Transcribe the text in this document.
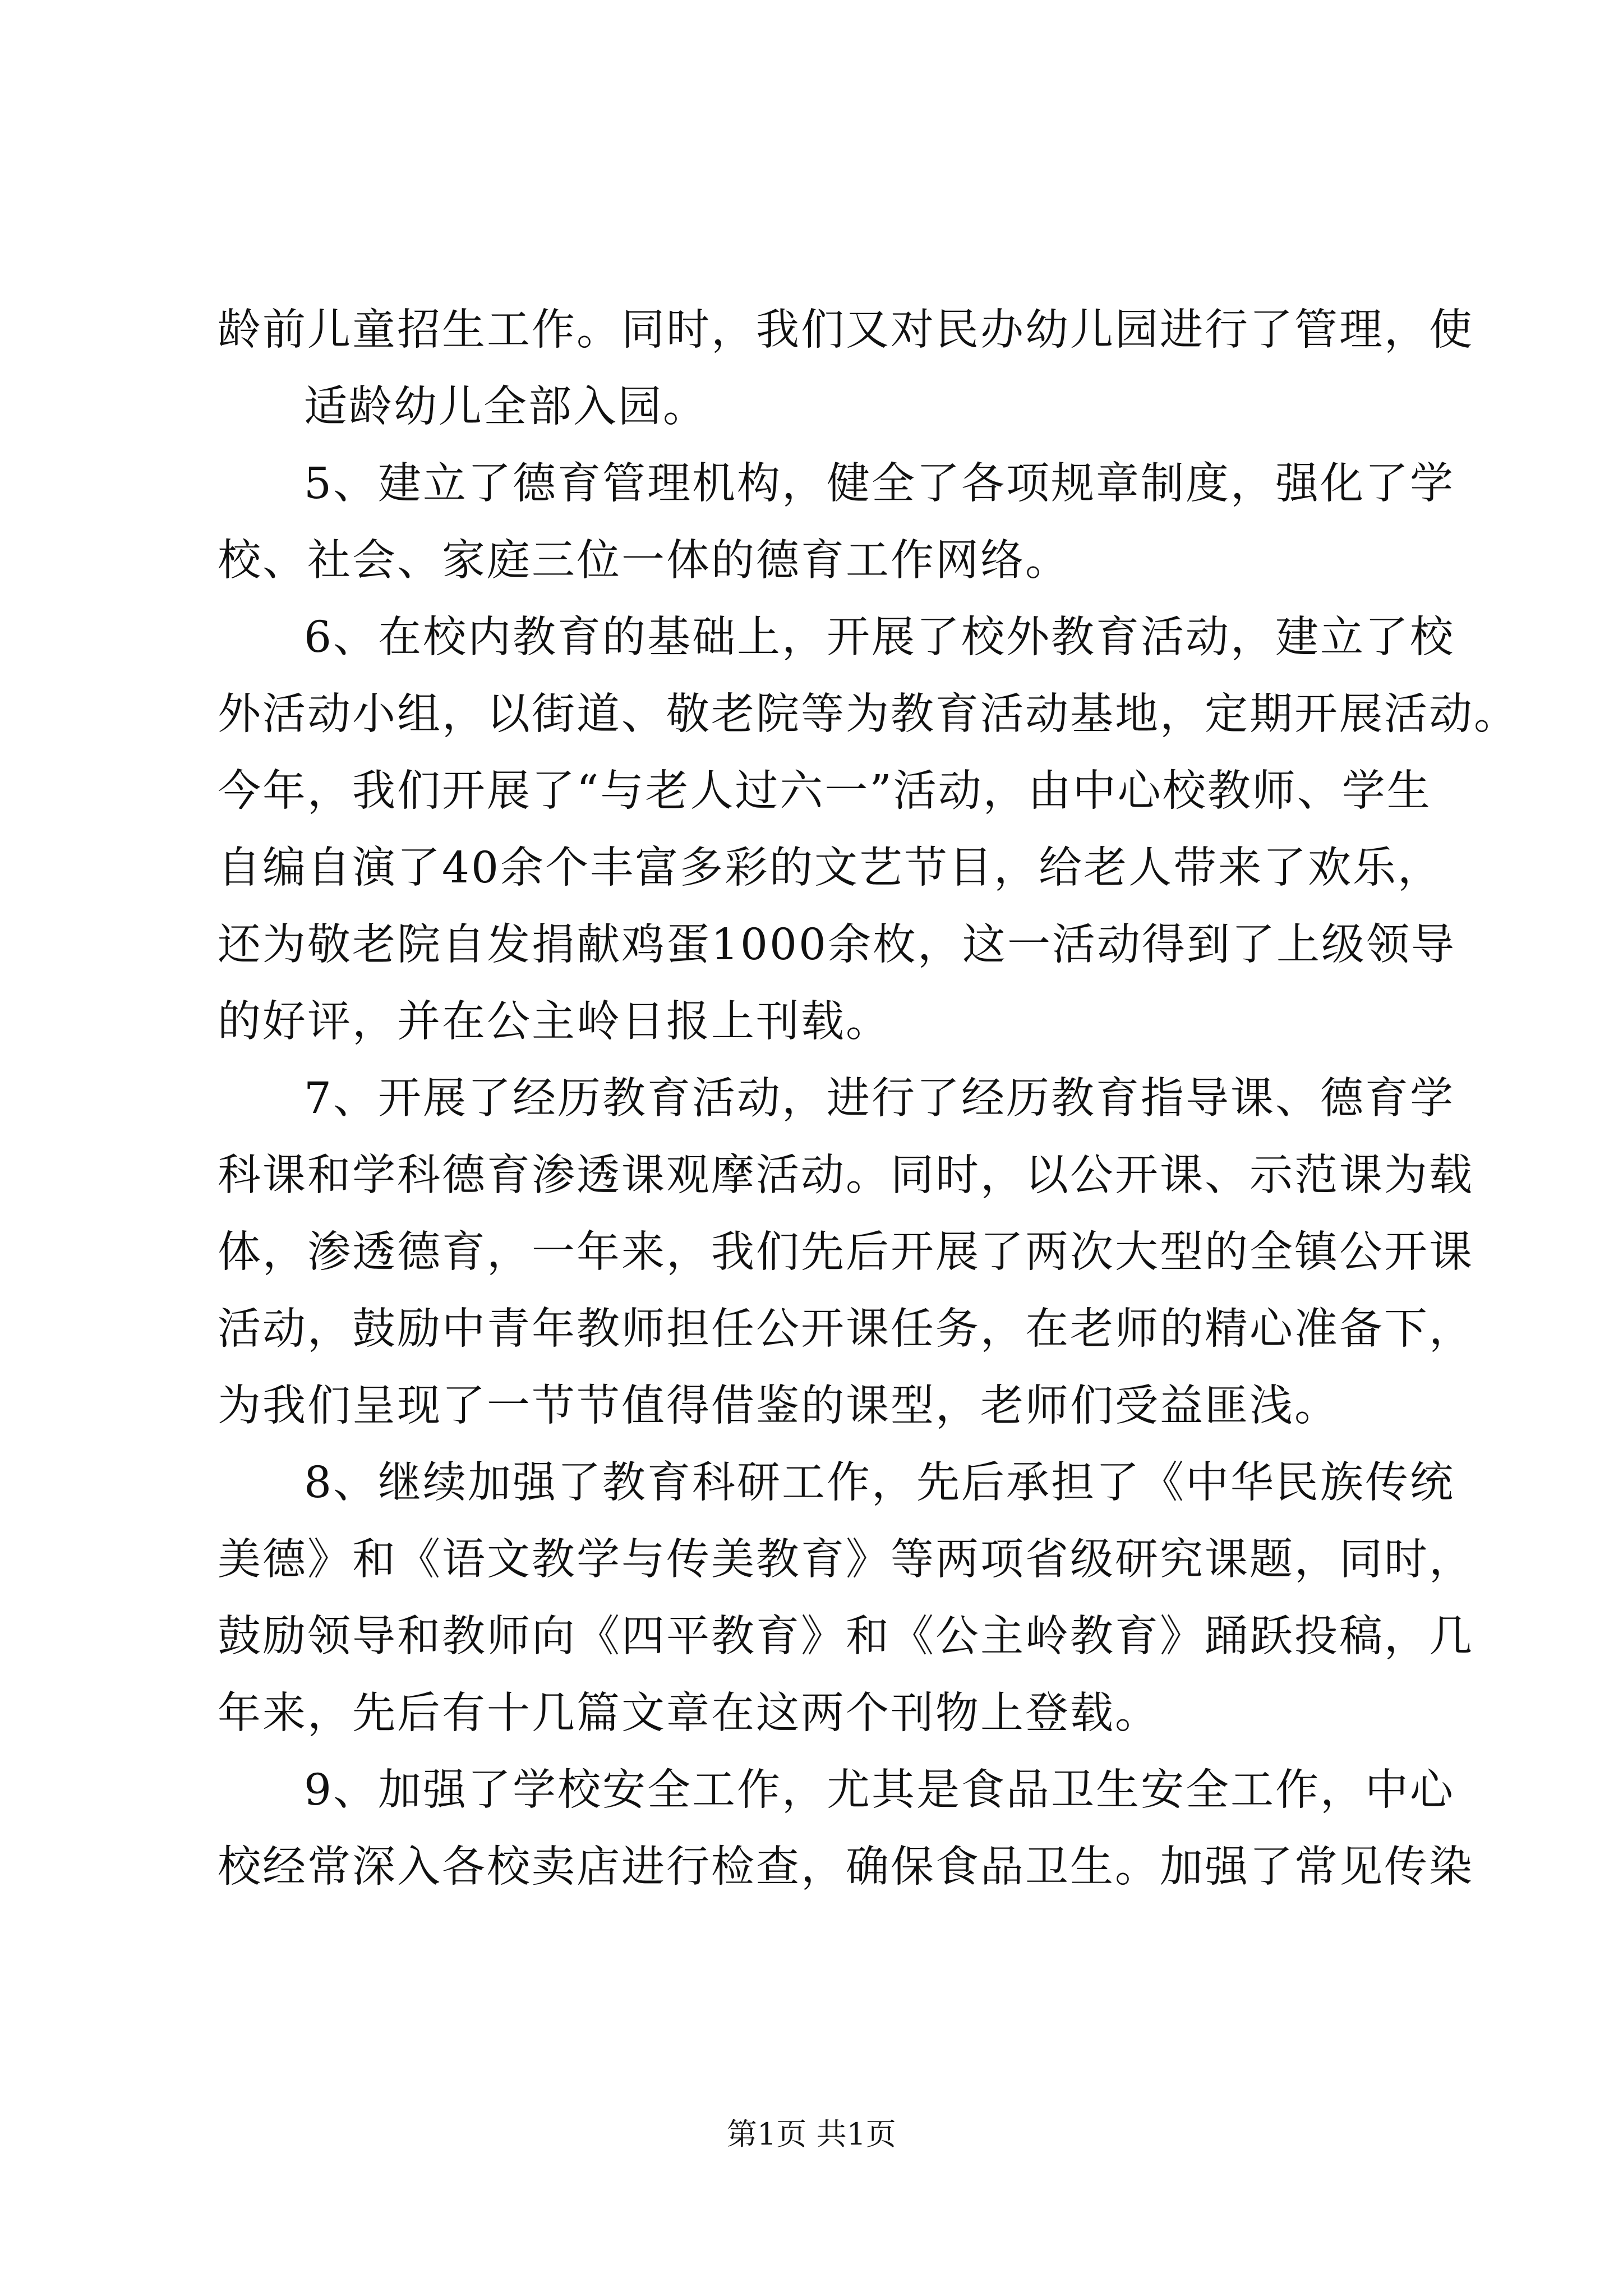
龄前儿童招生工作。同时，我们又对民办幼儿园进行了管理，使
适龄幼儿全部入园。
5、建立了德育管理机构，健全了各项规章制度，强化了学
校、社会、家庭三位一体的德育工作网络。
6、在校内教育的基础上，开展了校外教育活动，建立了校
外活动小组，以街道、敬老院等为教育活动基地，定期开展活动。
今年，我们开展了“与老人过六一”活动，由中心校教师、学生
自编自演了40余个丰富多彩的文艺节目，给老人带来了欢乐，
还为敬老院自发捐献鸡蛋1000余枚，这一活动得到了上级领导
的好评，并在公主岭日报上刊载。
7、开展了经历教育活动，进行了经历教育指导课、德育学
科课和学科德育渗透课观摩活动。同时，以公开课、示范课为载
体，渗透德育，一年来，我们先后开展了两次大型的全镇公开课
活动，鼓励中青年教师担任公开课任务，在老师的精心准备下，
为我们呈现了一节节值得借鉴的课型，老师们受益匪浅。
8、继续加强了教育科研工作，先后承担了《中华民族传统
美德》和《语文教学与传美教育》等两项省级研究课题，同时，
鼓励领导和教师向《四平教育》和《公主岭教育》踊跃投稿，几
年来，先后有十几篇文章在这两个刊物上登载。
9、加强了学校安全工作，尤其是食品卫生安全工作，中心
校经常深入各校卖店进行检查，确保食品卫生。加强了常见传染
第1页 共1页
